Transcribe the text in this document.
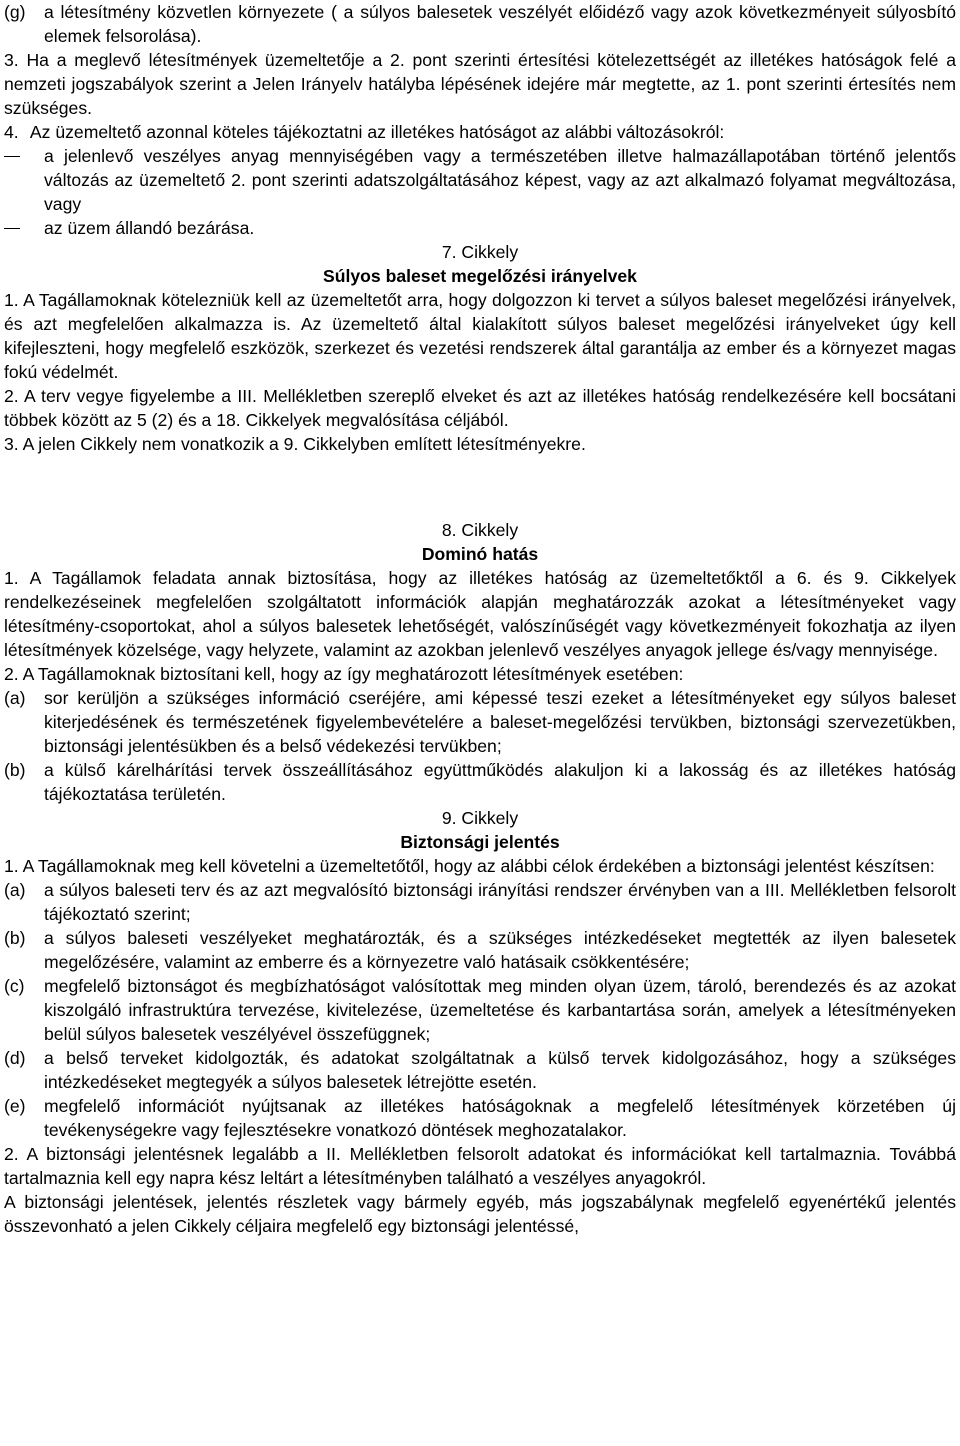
(g)	a létesítmény közvetlen környezete ( a súlyos balesetek veszélyét előidéző vagy azok következményeit súlyosbító elemek felsorolása).

3. Ha a meglevő létesítmények üzemeltetője a 2. pont szerinti értesítési kötelezettségét az illetékes hatóságok felé a nemzeti jogszabályok szerint a Jelen Irányelv hatályba lépésének idejére már megtette, az 1. pont szerinti értesítés nem szükséges.

4. Az üzemeltető azonnal köteles tájékoztatni az illetékes hatóságot az alábbi változásokról:

a jelenlevő veszélyes anyag mennyiségében vagy a természetében illetve halmazállapotában történő jelentős változás az üzemeltető 2. pont szerinti adatszolgáltatásához képest, vagy az azt alkalmazó folyamat megváltozása, vagy
az üzem állandó bezárása.

7. Cikkely

Súlyos baleset megelőzési irányelvek

1. A Tagállamoknak kötelezniük kell az üzemeltetőt arra, hogy dolgozzon ki tervet a súlyos baleset megelőzési irányelvek, és azt megfelelően alkalmazza is. Az üzemeltető által kialakított súlyos baleset megelőzési irányelveket úgy kell kifejleszteni, hogy megfelelő eszközök, szerkezet és vezetési rendszerek által garantálja az ember és a környezet magas fokú védelmét.

2. A terv vegye figyelembe a III. Mellékletben szereplő elveket és azt az illetékes hatóság rendelkezésére kell bocsátani többek között az 5 (2) és a 18. Cikkelyek megvalósítása céljából.

3. A jelen Cikkely nem vonatkozik a 9. Cikkelyben említett létesítményekre.

8. Cikkely

Dominó hatás

1. A Tagállamok feladata annak biztosítása, hogy az illetékes hatóság az üzemeltetőktől a 6. és 9. Cikkelyek rendelkezéseinek megfelelően szolgáltatott információk alapján meghatározzák azokat a létesítményeket vagy létesítmény-csoportokat, ahol a súlyos balesetek lehetőségét, valószínűségét vagy következményeit fokozhatja az ilyen létesítmények közelsége, vagy helyzete, valamint az azokban jelenlevő veszélyes anyagok jellege és/vagy mennyisége.

2. A Tagállamoknak biztosítani kell, hogy az így meghatározott létesítmények esetében:

(a)	sor kerüljön a szükséges információ cseréjére, ami képessé teszi ezeket a létesítményeket egy súlyos baleset kiterjedésének és természetének figyelembevételére a baleset-megelőzési tervükben, biztonsági szervezetükben, biztonsági jelentésükben és a belső védekezési tervükben;
(b)	a külső kárelhárítási tervek összeállításához együttműködés alakuljon ki a lakosság és az illetékes hatóság tájékoztatása területén.

9. Cikkely

Biztonsági jelentés

1. A Tagállamoknak meg kell követelni a üzemeltetőtől, hogy az alábbi célok érdekében a biztonsági jelentést készítsen:

(a)	a súlyos baleseti terv és az azt megvalósító biztonsági irányítási rendszer érvényben van a III. Mellékletben felsorolt tájékoztató szerint;
(b)	a súlyos baleseti veszélyeket meghatározták, és a szükséges intézkedéseket megtették az ilyen balesetek megelőzésére, valamint az emberre és a környezetre való hatásaik csökkentésére;
(c)	megfelelő biztonságot és megbízhatóságot valósítottak meg minden olyan üzem, tároló, berendezés és az azokat kiszolgáló infrastruktúra tervezése, kivitelezése, üzemeltetése és karbantartása során, amelyek a létesítményeken belül súlyos balesetek veszélyével összefüggnek;
(d)	a belső terveket kidolgozták, és adatokat szolgáltatnak a külső tervek kidolgozásához, hogy a szükséges intézkedéseket megtegyék a súlyos balesetek létrejötte esetén.
(e)	megfelelő információt nyújtsanak az illetékes hatóságoknak a megfelelő létesítmények körzetében új tevékenységekre vagy fejlesztésekre vonatkozó döntések meghozatalakor.

2. A biztonsági jelentésnek legalább a II. Mellékletben felsorolt adatokat és információkat kell tartalmaznia. Továbbá tartalmaznia kell egy napra kész leltárt a létesítményben található a veszélyes anyagokról.

A biztonsági jelentések, jelentés részletek vagy bármely egyéb, más jogszabálynak megfelelő egyenértékű jelentés összevonható a jelen Cikkely céljaira megfelelő egy biztonsági jelentéssé,
